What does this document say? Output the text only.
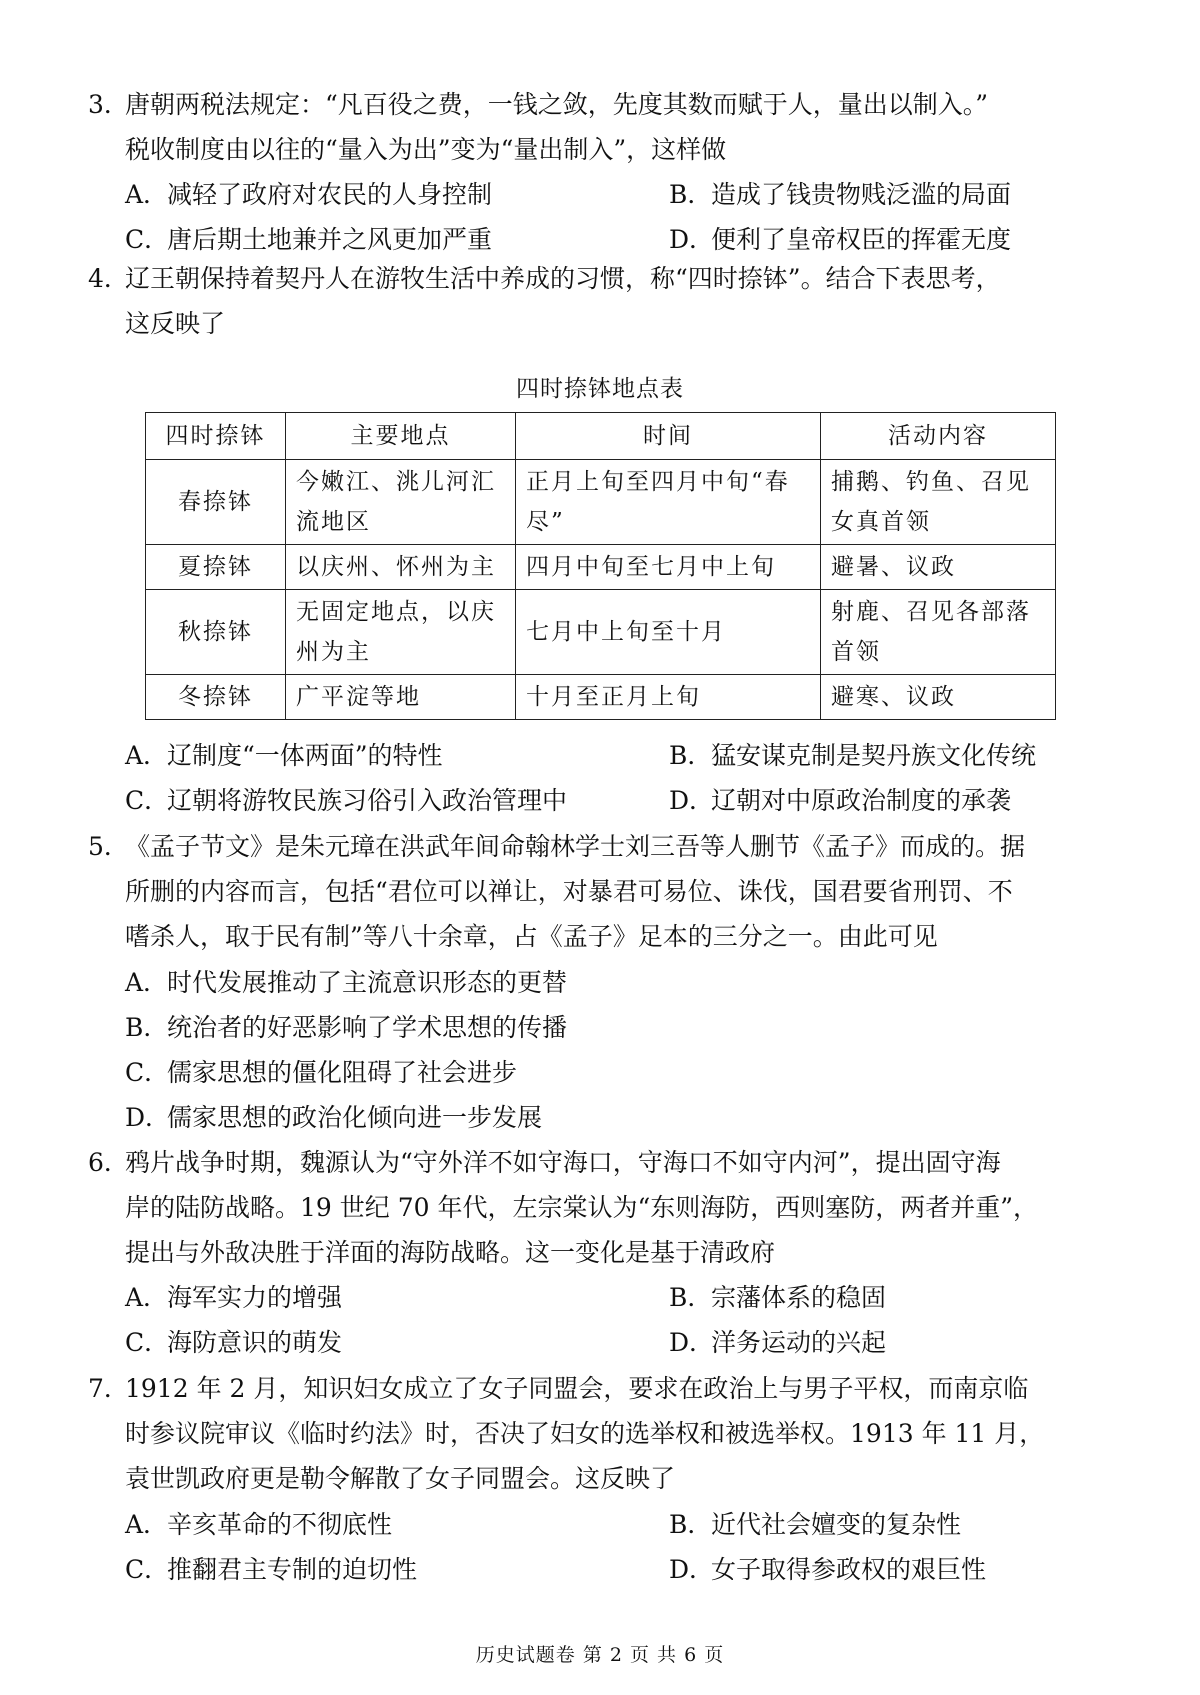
3．唐朝两税法规定：“凡百役之费，一钱之敛，先度其数而赋于人，量出以制入。”
税收制度由以往的“量入为出”变为“量出制入”，这样做
A．减轻了政府对农民的人身控制	B．造成了钱贵物贱泛滥的局面
C．唐后期土地兼并之风更加严重	D．便利了皇帝权臣的挥霍无度
4．辽王朝保持着契丹人在游牧生活中养成的习惯，称“四时捺钵”。结合下表思考，
这反映了
四时捺钵地点表
四时捺钵	主要地点	时间	活动内容
春捺钵	今嫩江、洮儿河汇流地区	正月上旬至四月中旬“春尽”	捕鹅、钓鱼、召见女真首领
夏捺钵	以庆州、怀州为主	四月中旬至七月中上旬	避暑、议政
秋捺钵	无固定地点，以庆州为主	七月中上旬至十月	射鹿、召见各部落首领
冬捺钵	广平淀等地	十月至正月上旬	避寒、议政
A．辽制度“一体两面”的特性	B．猛安谋克制是契丹族文化传统
C．辽朝将游牧民族习俗引入政治管理中	D．辽朝对中原政治制度的承袭
5．《孟子节文》是朱元璋在洪武年间命翰林学士刘三吾等人删节《孟子》而成的。据
所删的内容而言，包括“君位可以禅让，对暴君可易位、诛伐，国君要省刑罚、不
嗜杀人，取于民有制”等八十余章，占《孟子》足本的三分之一。由此可见
A．时代发展推动了主流意识形态的更替
B．统治者的好恶影响了学术思想的传播
C．儒家思想的僵化阻碍了社会进步
D．儒家思想的政治化倾向进一步发展
6．鸦片战争时期，魏源认为“守外洋不如守海口，守海口不如守内河”，提出固守海
岸的陆防战略。19 世纪 70 年代，左宗棠认为“东则海防，西则塞防，两者并重”，
提出与外敌决胜于洋面的海防战略。这一变化是基于清政府
A．海军实力的增强	B．宗藩体系的稳固
C．海防意识的萌发	D．洋务运动的兴起
7．1912 年 2 月，知识妇女成立了女子同盟会，要求在政治上与男子平权，而南京临
时参议院审议《临时约法》时，否决了妇女的选举权和被选举权。1913 年 11 月，
袁世凯政府更是勒令解散了女子同盟会。这反映了
A．辛亥革命的不彻底性	B．近代社会嬗变的复杂性
C．推翻君主专制的迫切性	D．女子取得参政权的艰巨性
历史试题卷 第 2 页 共 6 页
